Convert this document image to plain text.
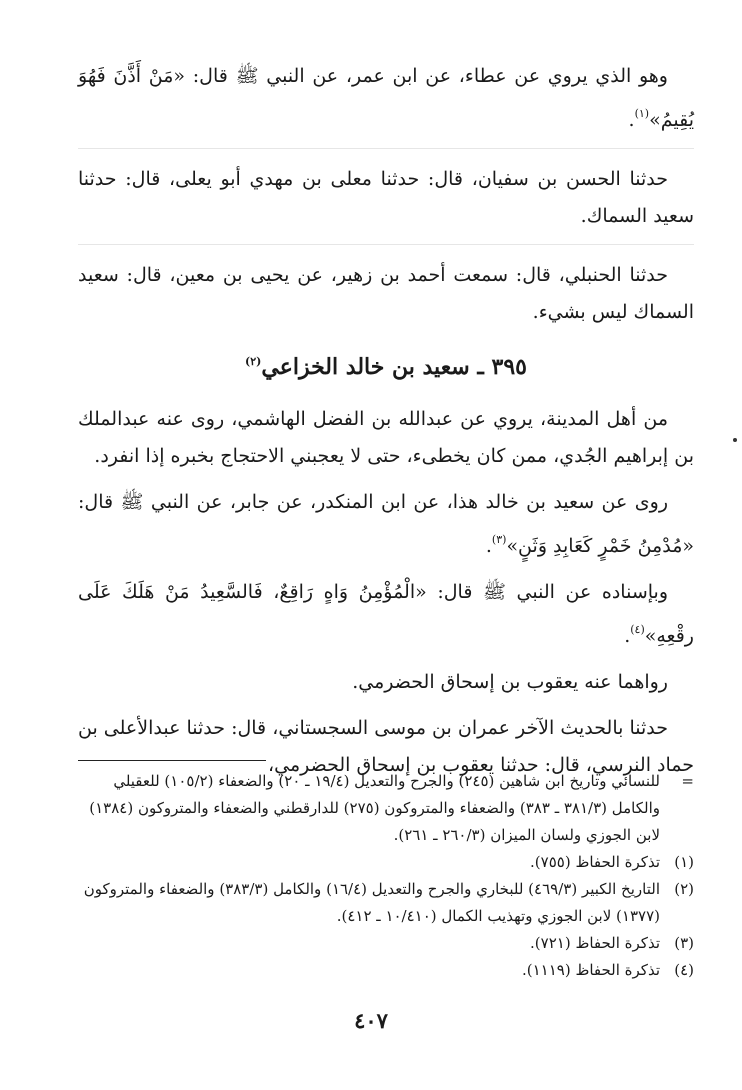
وهو الذي يروي عن عطاء، عن ابن عمر، عن النبي ﷺ قال: «مَنْ أَذَّنَ فَهُوَ يُقِيمُ»$^{(١)}$.

حدثنا الحسن بن سفيان، قال: حدثنا معلى بن مهدي أبو يعلى، قال: حدثنا سعيد السماك.

حدثنا الحنبلي، قال: سمعت أحمد بن زهير، عن يحيى بن معين، قال: سعيد السماك ليس بشيء.

٣٩٥ ـ سعيد بن خالد الخزاعي$^{(٢)}$

من أهل المدينة، يروي عن عبدالله بن الفضل الهاشمي، روى عنه عبدالملك بن إبراهيم الجُدي، ممن كان يخطىء، حتى لا يعجبني الاحتجاج بخبره إذا انفرد.

روى عن سعيد بن خالد هذا، عن ابن المنكدر، عن جابر، عن النبي ﷺ قال: «مُدْمِنُ خَمْرٍ كَعَابِدِ وَثَنٍ»$^{(٣)}$.

وبإسناده عن النبي ﷺ قال: «الْمُؤْمِنُ وَاهٍ رَاقِعٌ، فَالسَّعِيدُ مَنْ هَلَكَ عَلَى رقْعِهِ»$^{(٤)}$.

رواهما عنه يعقوب بن إسحاق الحضرمي.

حدثنا بالحديث الآخر عمران بن موسى السجستاني، قال: حدثنا عبدالأعلى بن حماد النرسي، قال: حدثنا يعقوب بن إسحاق الحضرمي،

=
للنسائي وتاريخ ابن شاهين (٢٤٥) والجرح والتعديل (١٩/٤ ـ ٢٠) والضعفاء (١٠٥/٢) للعقيلي والكامل (٣٨١/٣ ـ ٣٨٣) والضعفاء والمتروكون (٢٧٥) للدارقطني والضعفاء والمتروكون (١٣٨٤) لابن الجوزي ولسان الميزان (٢٦٠/٣ ـ ٢٦١).
(١)
تذكرة الحفاظ (٧٥٥).
(٢)
التاريخ الكبير (٤٦٩/٣) للبخاري والجرح والتعديل (١٦/٤) والكامل (٣٨٣/٣) والضعفاء والمتروكون (١٣٧٧) لابن الجوزي وتهذيب الكمال (١٠/٤١٠ ـ ٤١٢).
(٣)
تذكرة الحفاظ (٧٢١).
(٤)
تذكرة الحفاظ (١١١٩).
٤٠٧
